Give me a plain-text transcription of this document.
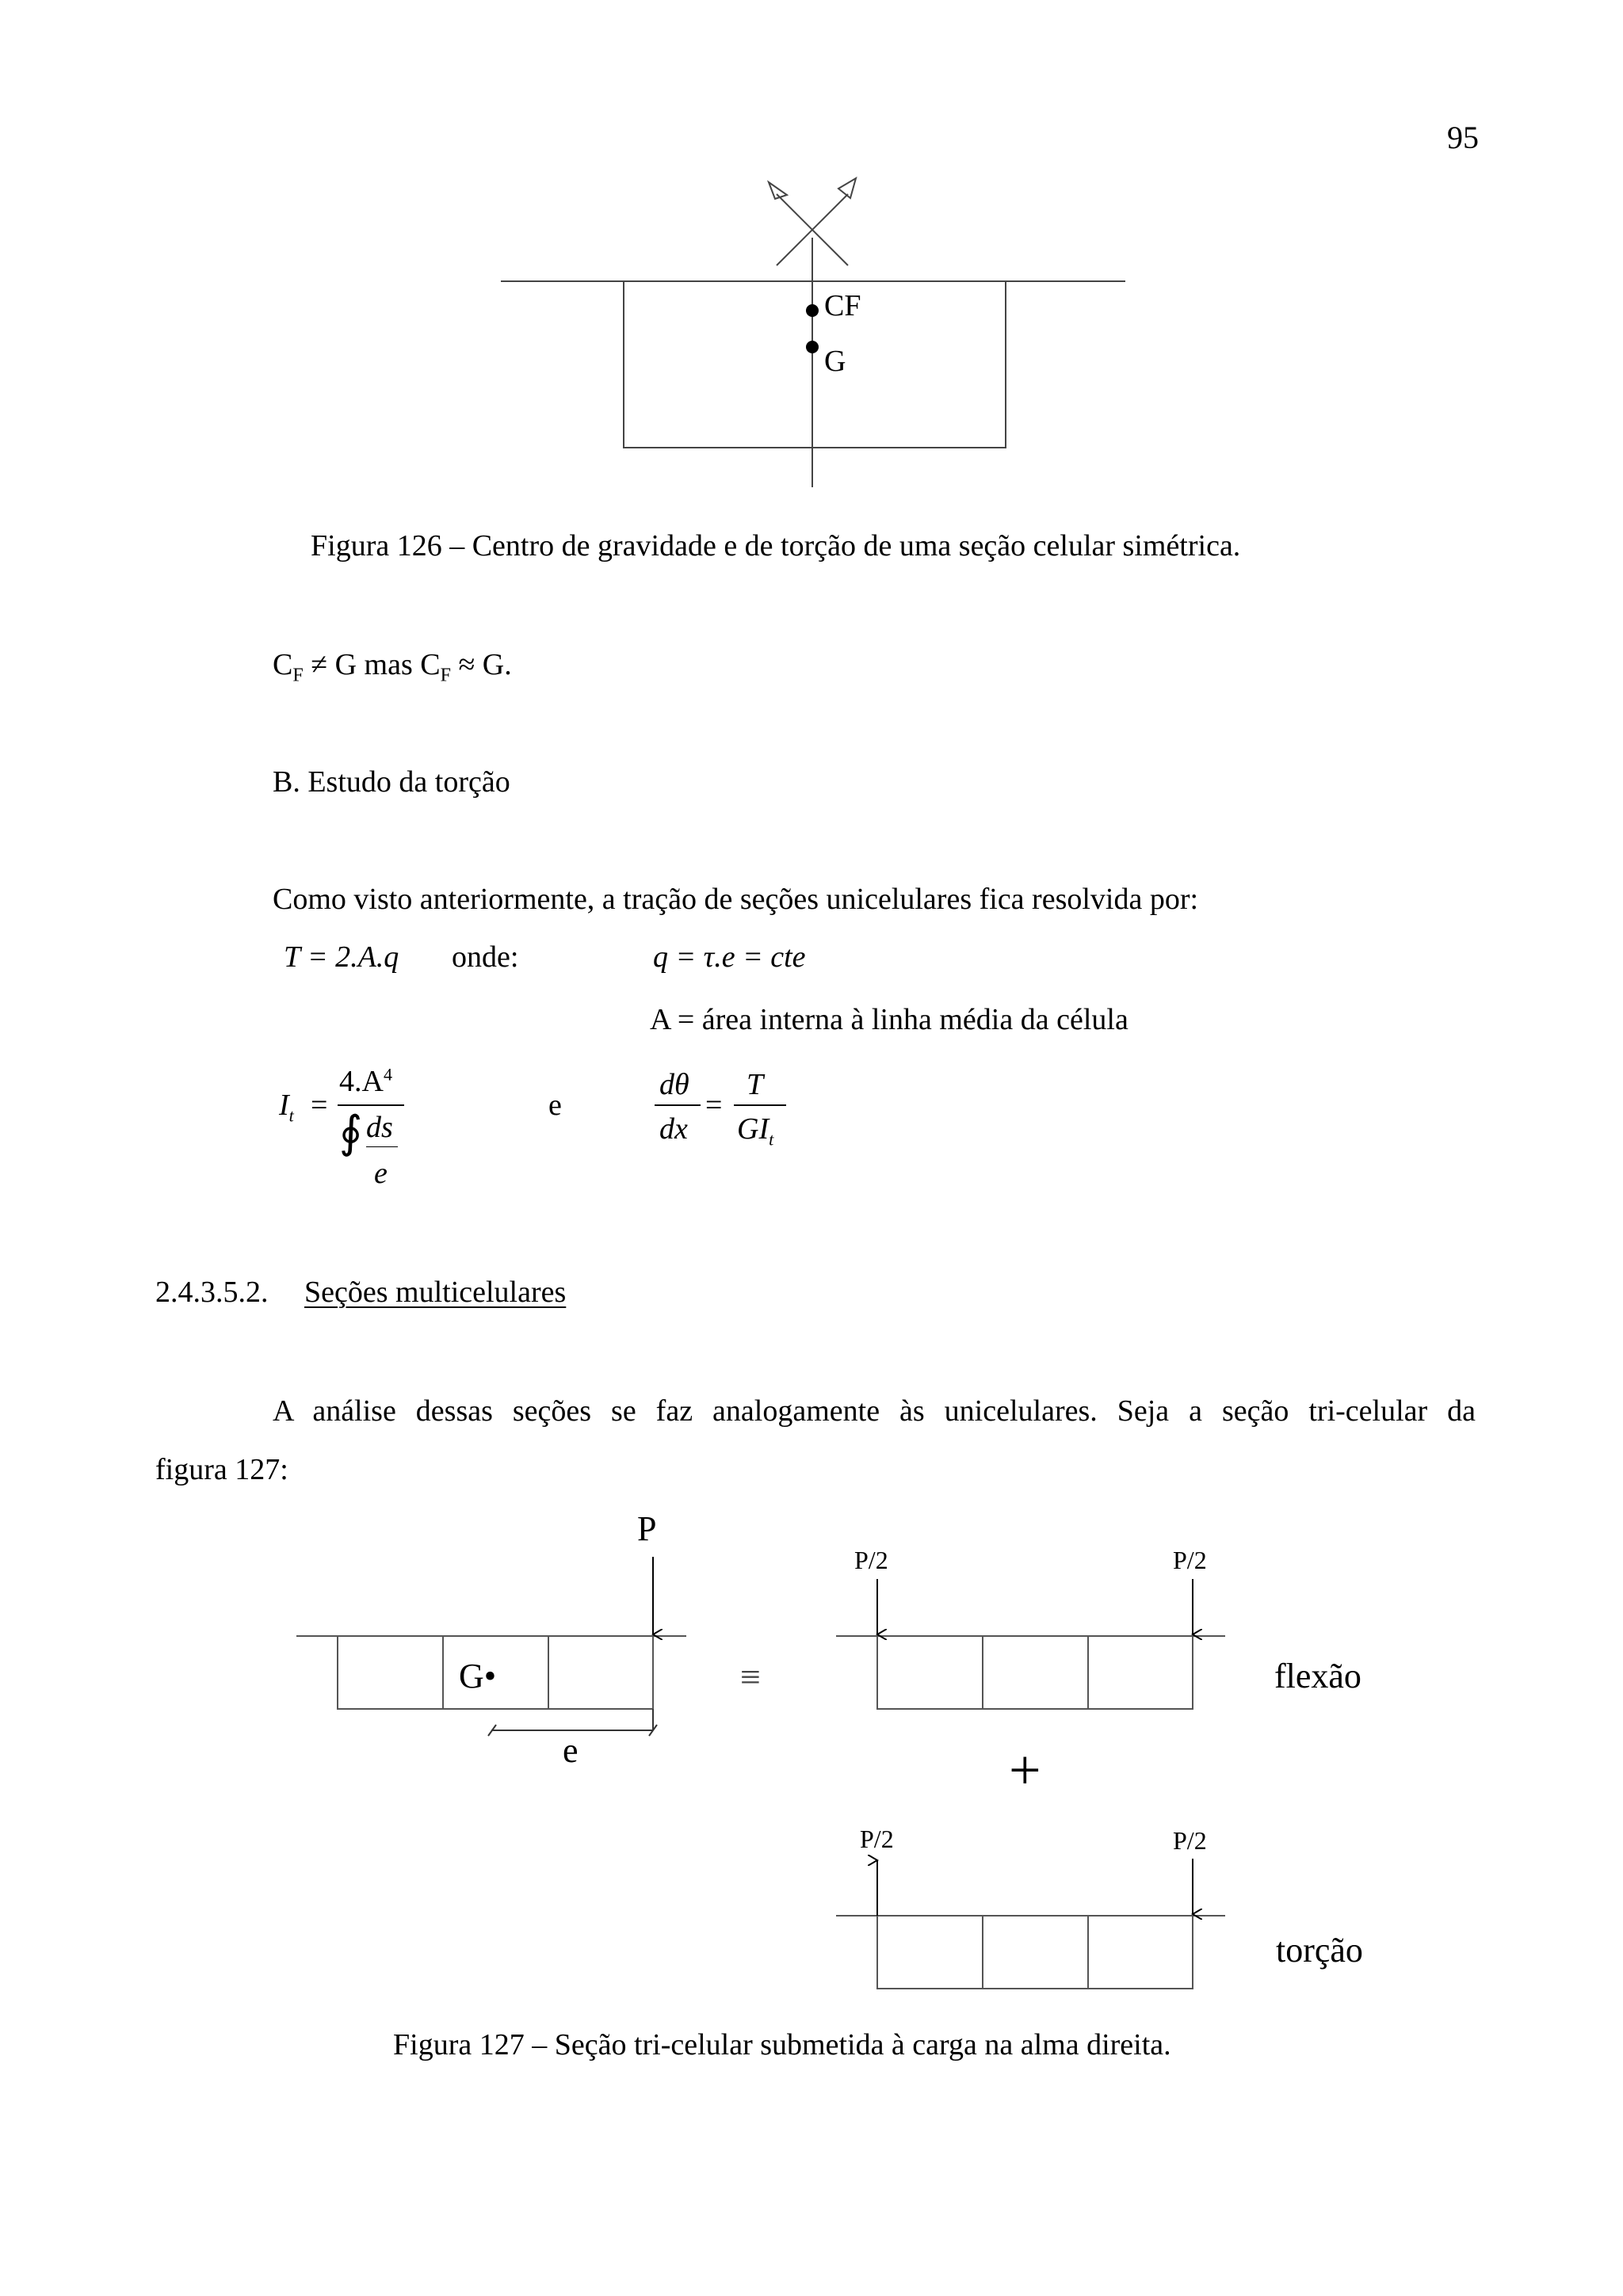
95
CF
G
Figura 126 – Centro de gravidade e de torção de uma seção celular simétrica.
$C_F \ne G$ mas $C_F \approx G$.
B. Estudo da torção
Como visto anteriormente, a tração de seções unicelulares fica resolvida por:
T = 2.A.q onde:	q = τ.e = cte
A = área interna à linha média da célula
$I_t$ =
$4.A^4$
∮ ds
e
e
dθ
dx
=
T
$GI_t$
2.4.3.5.2. Seções multicelulares
A análise dessas seções se faz analogamente às unicelulares. Seja a seção tri-celular da
figura 127:
P
G•
e
≡
P/2	P/2
flexão
+
P/2	P/2
torção
Figura 127 – Seção tri-celular submetida à carga na alma direita.
